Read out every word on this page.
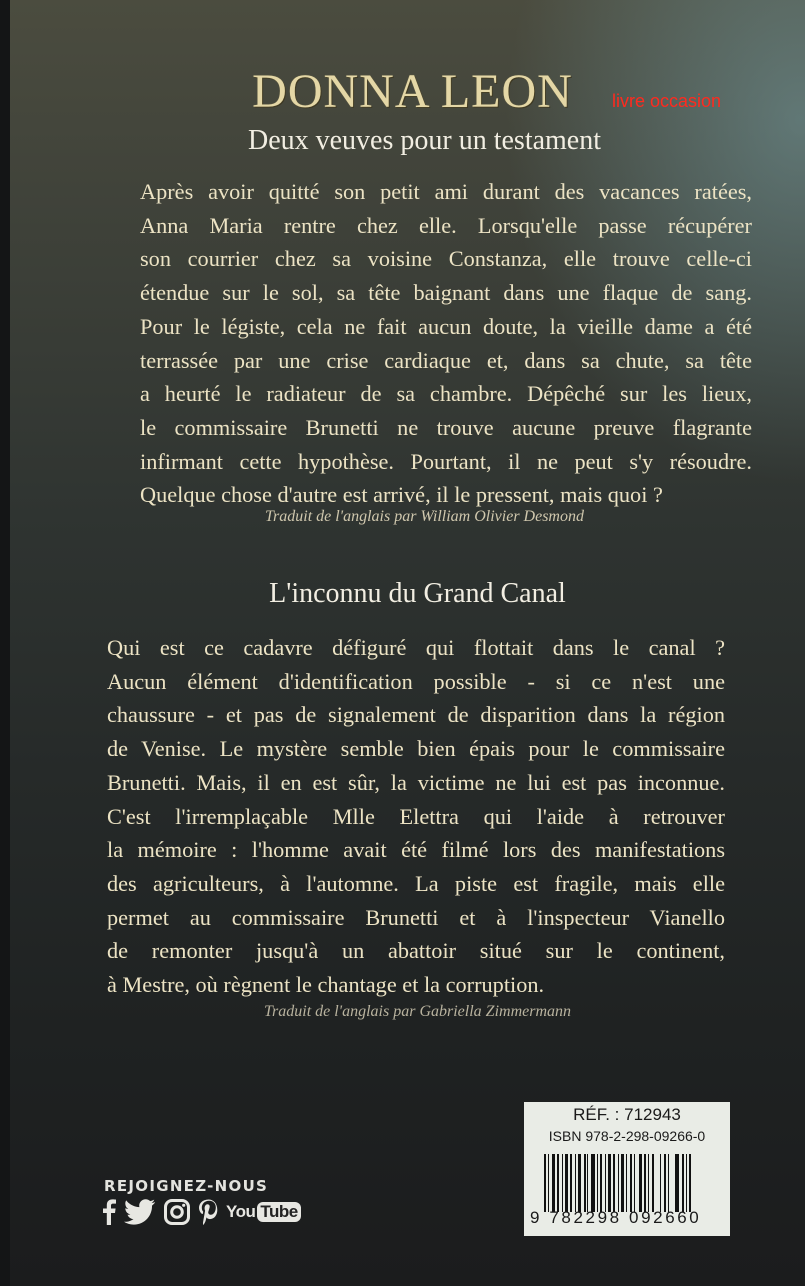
DONNA LEON	livre occasion
Deux veuves pour un testament
Après avoir quitté son petit ami durant des vacances ratées,
Anna Maria rentre chez elle. Lorsqu'elle passe récupérer
son courrier chez sa voisine Constanza, elle trouve celle-ci
étendue sur le sol, sa tête baignant dans une flaque de sang.
Pour le légiste, cela ne fait aucun doute, la vieille dame a été
terrassée par une crise cardiaque et, dans sa chute, sa tête
a heurté le radiateur de sa chambre. Dépêché sur les lieux,
le commissaire Brunetti ne trouve aucune preuve flagrante
infirmant cette hypothèse. Pourtant, il ne peut s'y résoudre.
Quelque chose d'autre est arrivé, il le pressent, mais quoi ?
Traduit de l'anglais par William Olivier Desmond
L'inconnu du Grand Canal
Qui est ce cadavre défiguré qui flottait dans le canal ?
Aucun élément d'identification possible - si ce n'est une
chaussure - et pas de signalement de disparition dans la région
de Venise. Le mystère semble bien épais pour le commissaire
Brunetti. Mais, il en est sûr, la victime ne lui est pas inconnue.
C'est l'irremplaçable Mlle Elettra qui l'aide à retrouver
la mémoire : l'homme avait été filmé lors des manifestations
des agriculteurs, à l'automne. La piste est fragile, mais elle
permet au commissaire Brunetti et à l'inspecteur Vianello
de remonter jusqu'à un abattoir situé sur le continent,
à Mestre, où règnent le chantage et la corruption.
Traduit de l'anglais par Gabriella Zimmermann
REJOIGNEZ-NOUS
You Tube
RÉF. : 712943
ISBN 978-2-298-09266-0
9 782298 092660
